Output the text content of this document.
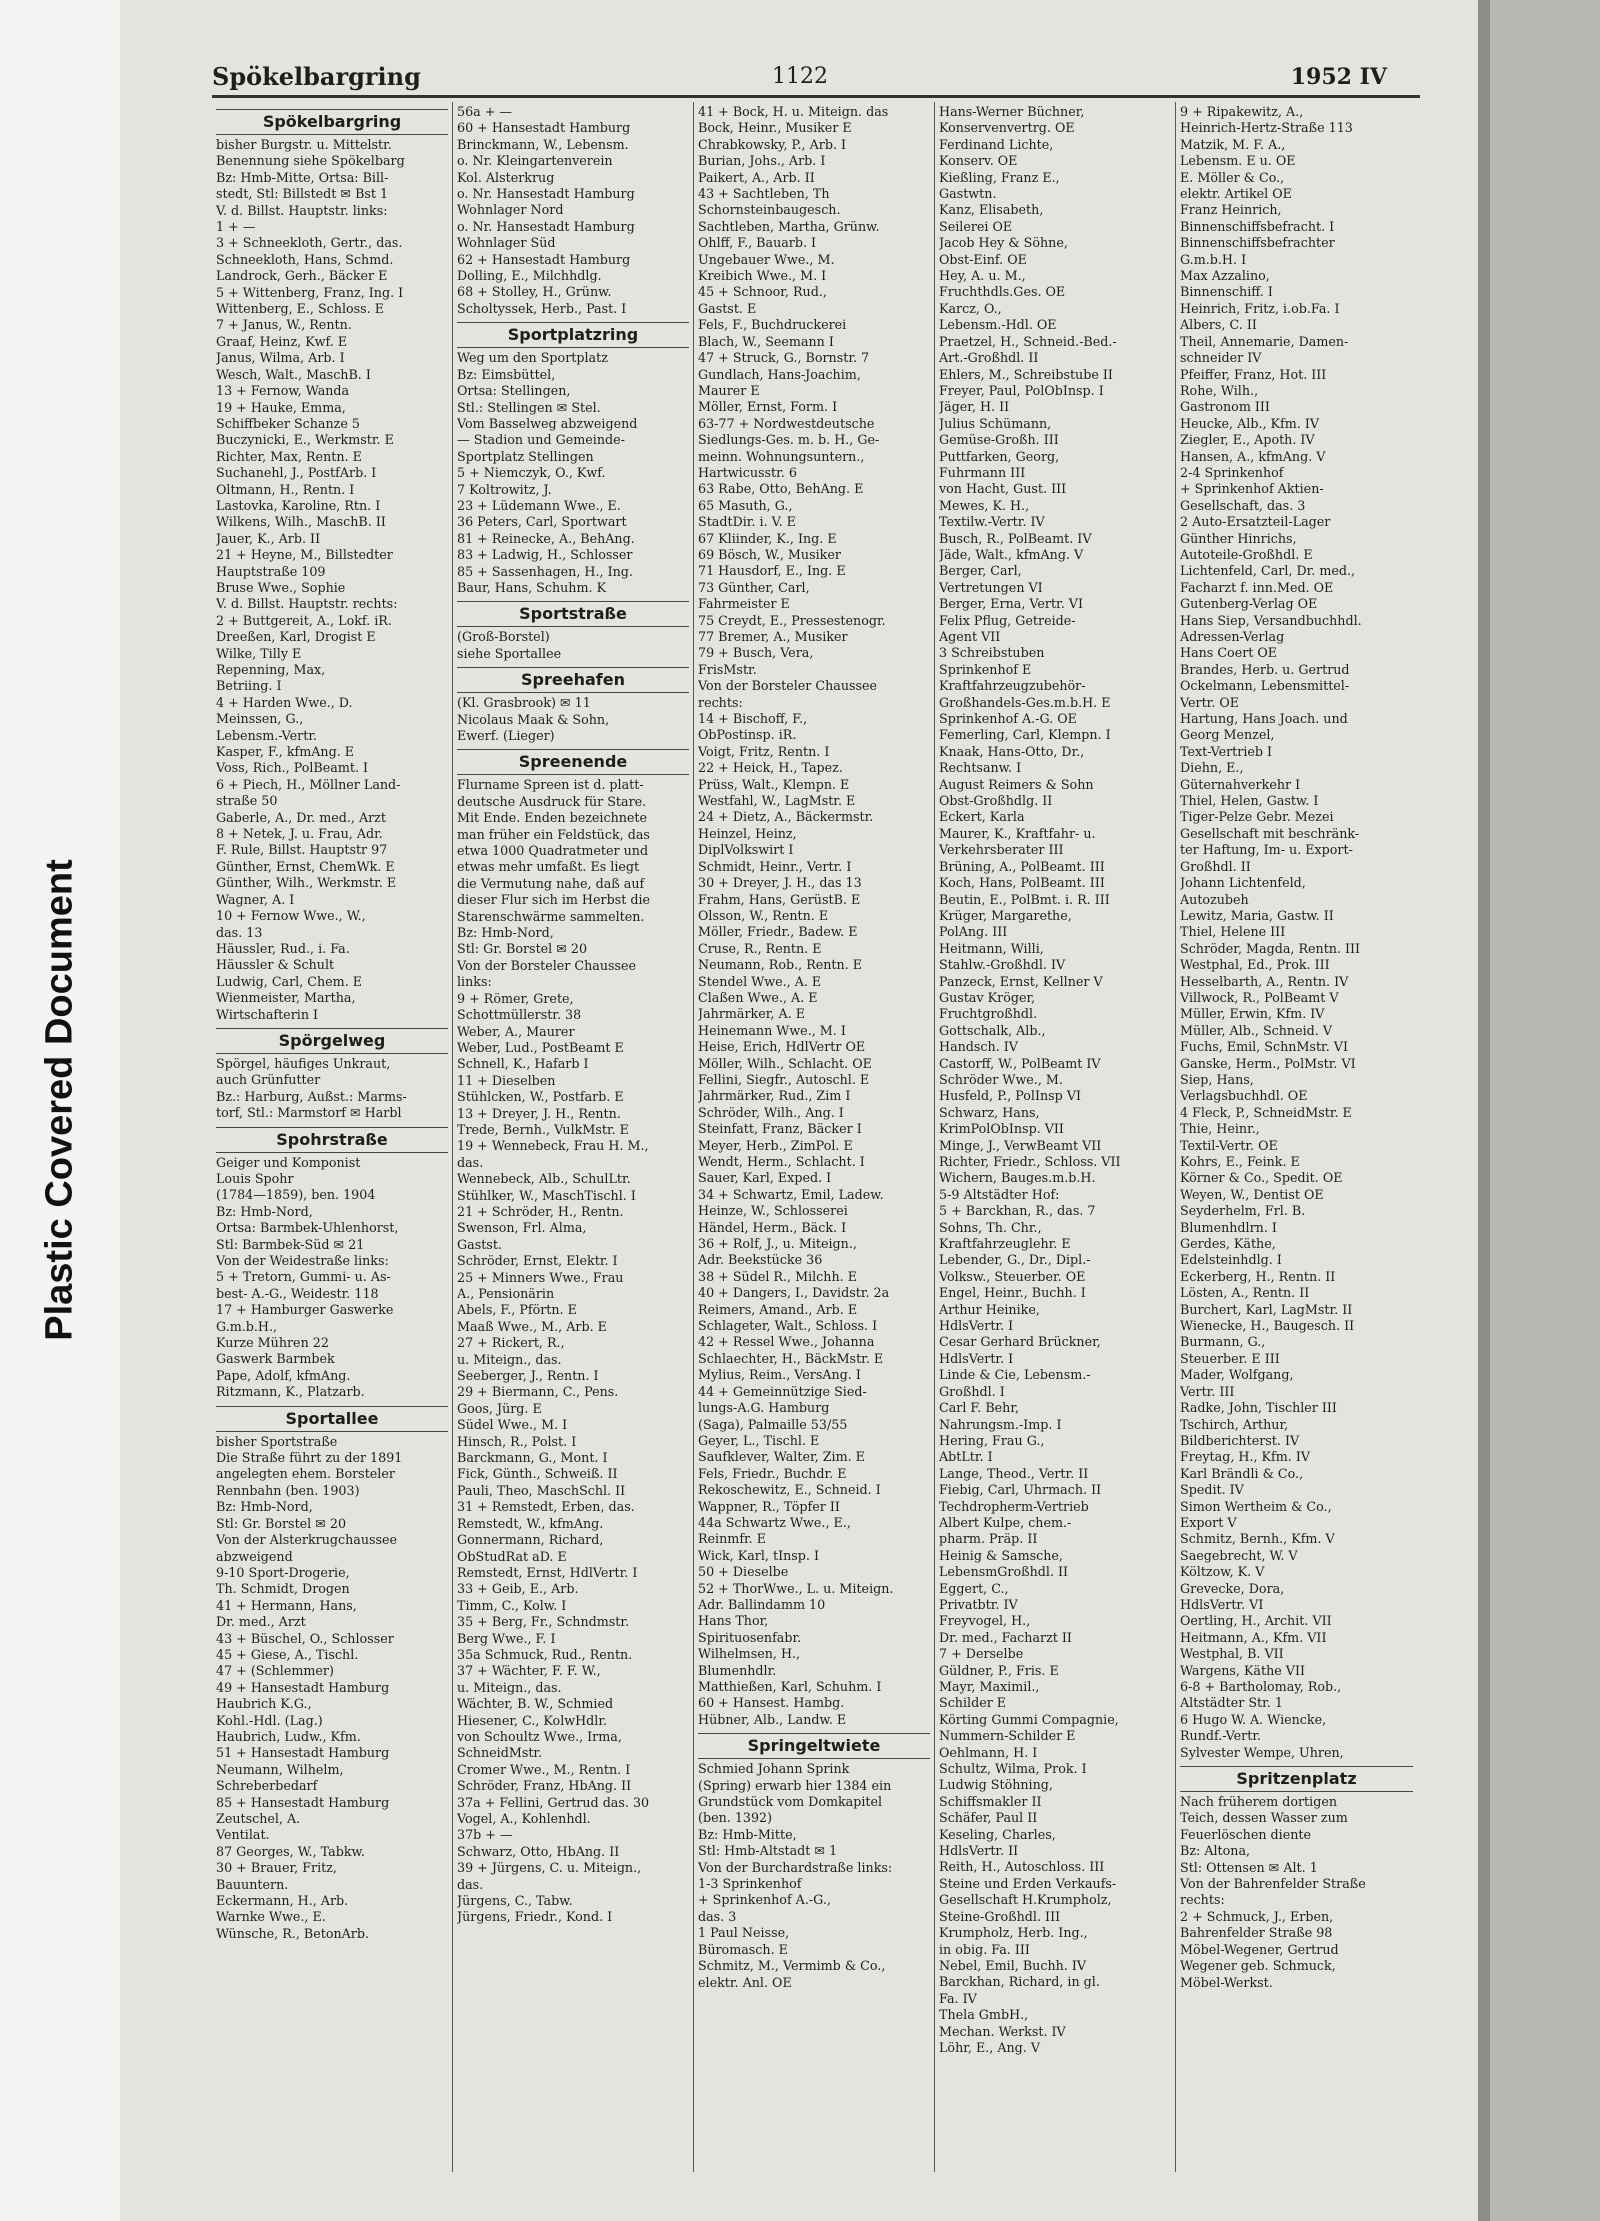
Plastic Covered Document
Spökelbargring	1122	1952 IV
Spökelbargring
bisher Burgstr. u. Mittelstr.
Benennung siehe Spökelbarg
Bz: Hmb-Mitte, Ortsa: Bill-
stedt, Stl: Billstedt ✉ Bst 1
V. d. Billst. Hauptstr. links:
1 + —
3 + Schneekloth, Gertr., das.
Schneekloth, Hans, Schmd.
Landrock, Gerh., Bäcker E
5 + Wittenberg, Franz, Ing. I
Wittenberg, E., Schloss. E
7 + Janus, W., Rentn.
Graaf, Heinz, Kwf. E
Janus, Wilma, Arb. I
Wesch, Walt., MaschB. I
13 + Fernow, Wanda
19 + Hauke, Emma,
Schiffbeker Schanze 5
Buczynicki, E., Werkmstr. E
Richter, Max, Rentn. E
Suchanehl, J., PostfArb. I
Oltmann, H., Rentn. I
Lastovka, Karoline, Rtn. I
Wilkens, Wilh., MaschB. II
Jauer, K., Arb. II
21 + Heyne, M., Billstedter
Hauptstraße 109
Bruse Wwe., Sophie
V. d. Billst. Hauptstr. rechts:
2 + Buttgereit, A., Lokf. iR.
Dreeßen, Karl, Drogist E
Wilke, Tilly E
Repenning, Max,
Betriing. I
4 + Harden Wwe., D.
Meinssen, G.,
Lebensm.-Vertr.
Kasper, F., kfmAng. E
Voss, Rich., PolBeamt. I
6 + Piech, H., Möllner Land-
straße 50
Gaberle, A., Dr. med., Arzt
8 + Netek, J. u. Frau, Adr.
F. Rule, Billst. Hauptstr 97
Günther, Ernst, ChemWk. E
Günther, Wilh., Werkmstr. E
Wagner, A. I
10 + Fernow Wwe., W.,
das. 13
Häussler, Rud., i. Fa.
Häussler & Schult
Ludwig, Carl, Chem. E
Wienmeister, Martha,
Wirtschafterin I
Spörgelweg
Spörgel, häufiges Unkraut,
auch Grünfutter
Bz.: Harburg, Außst.: Marms-
torf, Stl.: Marmstorf ✉ Harbl
Spohrstraße
Geiger und Komponist
Louis Spohr
(1784—1859), ben. 1904
Bz: Hmb-Nord,
Ortsa: Barmbek-Uhlenhorst,
Stl: Barmbek-Süd ✉ 21
Von der Weidestraße links:
5 + Tretorn, Gummi- u. As-
best- A.-G., Weidestr. 118
17 + Hamburger Gaswerke
G.m.b.H.,
Kurze Mühren 22
Gaswerk Barmbek
Pape, Adolf, kfmAng.
Ritzmann, K., Platzarb.
Sportallee
bisher Sportstraße
Die Straße führt zu der 1891
angelegten ehem. Borsteler
Rennbahn (ben. 1903)
Bz: Hmb-Nord,
Stl: Gr. Borstel ✉ 20
Von der Alsterkrugchaussee
abzweigend
9-10 Sport-Drogerie,
Th. Schmidt, Drogen
41 + Hermann, Hans,
Dr. med., Arzt
43 + Büschel, O., Schlosser
45 + Giese, A., Tischl.
47 + (Schlemmer)
49 + Hansestadt Hamburg
Haubrich K.G.,
Kohl.-Hdl. (Lag.)
Haubrich, Ludw., Kfm.
51 + Hansestadt Hamburg
Neumann, Wilhelm,
Schreberbedarf
85 + Hansestadt Hamburg
Zeutschel, A.
Ventilat.
87 Georges, W., Tabkw.
30 + Brauer, Fritz,
Bauuntern.
Eckermann, H., Arb.
Warnke Wwe., E.
Wünsche, R., BetonArb.
56a + —
60 + Hansestadt Hamburg
Brinckmann, W., Lebensm.
o. Nr. Kleingartenverein
Kol. Alsterkrug
o. Nr. Hansestadt Hamburg
Wohnlager Nord
o. Nr. Hansestadt Hamburg
Wohnlager Süd
62 + Hansestadt Hamburg
Dolling, E., Milchhdlg.
68 + Stolley, H., Grünw.
Scholtyssek, Herb., Past. I
Sportplatzring
Weg um den Sportplatz
Bz: Eimsbüttel,
Ortsa: Stellingen,
Stl.: Stellingen ✉ Stel.
Vom Basselweg abzweigend
— Stadion und Gemeinde-
Sportplatz Stellingen
5 + Niemczyk, O., Kwf.
7 Koltrowitz, J.
23 + Lüdemann Wwe., E.
36 Peters, Carl, Sportwart
81 + Reinecke, A., BehAng.
83 + Ladwig, H., Schlosser
85 + Sassenhagen, H., Ing.
Baur, Hans, Schuhm. K
Sportstraße
(Groß-Borstel)
siehe Sportallee
Spreehafen
(Kl. Grasbrook) ✉ 11
Nicolaus Maak & Sohn,
Ewerf. (Lieger)
Spreenende
Flurname Spreen ist d. platt-
deutsche Ausdruck für Stare.
Mit Ende. Enden bezeichnete
man früher ein Feldstück, das
etwa 1000 Quadratmeter und
etwas mehr umfaßt. Es liegt
die Vermutung nahe, daß auf
dieser Flur sich im Herbst die
Starenschwärme sammelten.
Bz: Hmb-Nord,
Stl: Gr. Borstel ✉ 20
Von der Borsteler Chaussee
links:
9 + Römer, Grete,
Schottmüllerstr. 38
Weber, A., Maurer
Weber, Lud., PostBeamt E
Schnell, K., Hafarb I
11 + Dieselben
Stühlcken, W., Postfarb. E
13 + Dreyer, J. H., Rentn.
Trede, Bernh., VulkMstr. E
19 + Wennebeck, Frau H. M.,
das.
Wennebeck, Alb., SchulLtr.
Stühlker, W., MaschTischl. I
21 + Schröder, H., Rentn.
Swenson, Frl. Alma,
Gastst.
Schröder, Ernst, Elektr. I
25 + Minners Wwe., Frau
A., Pensionärin
Abels, F., Pförtn. E
Maaß Wwe., M., Arb. E
27 + Rickert, R.,
u. Miteign., das.
Seeberger, J., Rentn. I
29 + Biermann, C., Pens.
Goos, Jürg. E
Südel Wwe., M. I
Hinsch, R., Polst. I
Barckmann, G., Mont. I
Fick, Günth., Schweiß. II
Pauli, Theo, MaschSchl. II
31 + Remstedt, Erben, das.
Remstedt, W., kfmAng.
Gonnermann, Richard,
ObStudRat aD. E
Remstedt, Ernst, HdlVertr. I
33 + Geib, E., Arb.
Timm, C., Kolw. I
35 + Berg, Fr., Schndmstr.
Berg Wwe., F. I
35a Schmuck, Rud., Rentn.
37 + Wächter, F. F. W.,
u. Miteign., das.
Wächter, B. W., Schmied
Hiesener, C., KolwHdlr.
von Schoultz Wwe., Irma,
SchneidMstr.
Cromer Wwe., M., Rentn. I
Schröder, Franz, HbAng. II
37a + Fellini, Gertrud das. 30
Vogel, A., Kohlenhdl.
37b + —
Schwarz, Otto, HbAng. II
39 + Jürgens, C. u. Miteign.,
das.
Jürgens, C., Tabw.
Jürgens, Friedr., Kond. I
41 + Bock, H. u. Miteign. das
Bock, Heinr., Musiker E
Chrabkowsky, P., Arb. I
Burian, Johs., Arb. I
Paikert, A., Arb. II
43 + Sachtleben, Th
Schornsteinbaugesch.
Sachtleben, Martha, Grünw.
Ohlff, F., Bauarb. I
Ungebauer Wwe., M.
Kreibich Wwe., M. I
45 + Schnoor, Rud.,
Gastst. E
Fels, F., Buchdruckerei
Blach, W., Seemann I
47 + Struck, G., Bornstr. 7
Gundlach, Hans-Joachim,
Maurer E
Möller, Ernst, Form. I
63-77 + Nordwestdeutsche
Siedlungs-Ges. m. b. H., Ge-
meinn. Wohnungsuntern.,
Hartwicusstr. 6
63 Rabe, Otto, BehAng. E
65 Masuth, G.,
StadtDir. i. V. E
67 Kliinder, K., Ing. E
69 Bösch, W., Musiker
71 Hausdorf, E., Ing. E
73 Günther, Carl,
Fahrmeister E
75 Creydt, E., Pressestenogr.
77 Bremer, A., Musiker
79 + Busch, Vera,
FrisMstr.
Von der Borsteler Chaussee
rechts:
14 + Bischoff, F.,
ObPostinsp. iR.
Voigt, Fritz, Rentn. I
22 + Heick, H., Tapez.
Prüss, Walt., Klempn. E
Westfahl, W., LagMstr. E
24 + Dietz, A., Bäckermstr.
Heinzel, Heinz,
DiplVolkswirt I
Schmidt, Heinr., Vertr. I
30 + Dreyer, J. H., das 13
Frahm, Hans, GerüstB. E
Olsson, W., Rentn. E
Möller, Friedr., Badew. E
Cruse, R., Rentn. E
Neumann, Rob., Rentn. E
Stendel Wwe., A. E
Claßen Wwe., A. E
Jahrmärker, A. E
Heinemann Wwe., M. I
Heise, Erich, HdlVertr OE
Möller, Wilh., Schlacht. OE
Fellini, Siegfr., Autoschl. E
Jahrmärker, Rud., Zim I
Schröder, Wilh., Ang. I
Steinfatt, Franz, Bäcker I
Meyer, Herb., ZimPol. E
Wendt, Herm., Schlacht. I
Sauer, Karl, Exped. I
34 + Schwartz, Emil, Ladew.
Heinze, W., Schlosserei
Händel, Herm., Bäck. I
36 + Rolf, J., u. Miteign.,
Adr. Beekstücke 36
38 + Südel R., Milchh. E
40 + Dangers, I., Davidstr. 2a
Reimers, Amand., Arb. E
Schlageter, Walt., Schloss. I
42 + Ressel Wwe., Johanna
Schlaechter, H., BäckMstr. E
Mylius, Reim., VersAng. I
44 + Gemeinnützige Sied-
lungs-A.G. Hamburg
(Saga), Palmaille 53/55
Geyer, L., Tischl. E
Saufklever, Walter, Zim. E
Fels, Friedr., Buchdr. E
Rekoschewitz, E., Schneid. I
Wappner, R., Töpfer II
44a Schwartz Wwe., E.,
Reinmfr. E
Wick, Karl, tInsp. I
50 + Dieselbe
52 + ThorWwe., L. u. Miteign.
Adr. Ballindamm 10
Hans Thor,
Spirituosenfabr.
Wilhelmsen, H.,
Blumenhdlr.
Matthießen, Karl, Schuhm. I
60 + Hansest. Hambg.
Hübner, Alb., Landw. E
Springeltwiete
Schmied Johann Sprink
(Spring) erwarb hier 1384 ein
Grundstück vom Domkapitel
(ben. 1392)
Bz: Hmb-Mitte,
Stl: Hmb-Altstadt ✉ 1
Von der Burchardstraße links:
1-3 Sprinkenhof
+ Sprinkenhof A.-G.,
das. 3
1 Paul Neisse,
Büromasch. E
Schmitz, M., Vermimb & Co.,
elektr. Anl. OE
Hans-Werner Büchner,
Konservenvertrg. OE
Ferdinand Lichte,
Konserv. OE
Kießling, Franz E.,
Gastwtn.
Kanz, Elisabeth,
Seilerei OE
Jacob Hey & Söhne,
Obst-Einf. OE
Hey, A. u. M.,
Fruchthdls.Ges. OE
Karcz, O.,
Lebensm.-Hdl. OE
Praetzel, H., Schneid.-Bed.-
Art.-Großhdl. II
Ehlers, M., Schreibstube II
Freyer, Paul, PolObInsp. I
Jäger, H. II
Julius Schümann,
Gemüse-Großh. III
Puttfarken, Georg,
Fuhrmann III
von Hacht, Gust. III
Mewes, K. H.,
Textilw.-Vertr. IV
Busch, R., PolBeamt. IV
Jäde, Walt., kfmAng. V
Berger, Carl,
Vertretungen VI
Berger, Erna, Vertr. VI
Felix Pflug, Getreide-
Agent VII
3 Schreibstuben
Sprinkenhof E
Kraftfahrzeugzubehör-
Großhandels-Ges.m.b.H. E
Sprinkenhof A.-G. OE
Femerling, Carl, Klempn. I
Knaak, Hans-Otto, Dr.,
Rechtsanw. I
August Reimers & Sohn
Obst-Großhdlg. II
Eckert, Karla
Maurer, K., Kraftfahr- u.
Verkehrsberater III
Brüning, A., PolBeamt. III
Koch, Hans, PolBeamt. III
Beutin, E., PolBmt. i. R. III
Krüger, Margarethe,
PolAng. III
Heitmann, Willi,
Stahlw.-Großhdl. IV
Panzeck, Ernst, Kellner V
Gustav Kröger,
Fruchtgroßhdl.
Gottschalk, Alb.,
Handsch. IV
Castorff, W., PolBeamt IV
Schröder Wwe., M.
Husfeld, P., PolInsp VI
Schwarz, Hans,
KrimPolObInsp. VII
Minge, J., VerwBeamt VII
Richter, Friedr., Schloss. VII
Wichern, Bauges.m.b.H.
5-9 Altstädter Hof:
5 + Barckhan, R., das. 7
Sohns, Th. Chr.,
Kraftfahrzeuglehr. E
Lebender, G., Dr., Dipl.-
Volksw., Steuerber. OE
Engel, Heinr., Buchh. I
Arthur Heinike,
HdlsVertr. I
Cesar Gerhard Brückner,
HdlsVertr. I
Linde & Cie, Lebensm.-
Großhdl. I
Carl F. Behr,
Nahrungsm.-Imp. I
Hering, Frau G.,
AbtLtr. I
Lange, Theod., Vertr. II
Fiebig, Carl, Uhrmach. II
Techdropherm-Vertrieb
Albert Kulpe, chem.-
pharm. Präp. II
Heinig & Samsche,
LebensmGroßhdl. II
Eggert, C.,
Privatbtr. IV
Freyvogel, H.,
Dr. med., Facharzt II
7 + Derselbe
Güldner, P., Fris. E
Mayr, Maximil.,
Schilder E
Körting Gummi Compagnie,
Nummern-Schilder E
Oehlmann, H. I
Schultz, Wilma, Prok. I
Ludwig Stöhning,
Schiffsmakler II
Schäfer, Paul II
Keseling, Charles,
HdlsVertr. II
Reith, H., Autoschloss. III
Steine und Erden Verkaufs-
Gesellschaft H.Krumpholz,
Steine-Großhdl. III
Krumpholz, Herb. Ing.,
in obig. Fa. III
Nebel, Emil, Buchh. IV
Barckhan, Richard, in gl.
Fa. IV
Thela GmbH.,
Mechan. Werkst. IV
Löhr, E., Ang. V
9 + Ripakewitz, A.,
Heinrich-Hertz-Straße 113
Matzik, M. F. A.,
Lebensm. E u. OE
E. Möller & Co.,
elektr. Artikel OE
Franz Heinrich,
Binnenschiffsbefracht. I
Binnenschiffsbefrachter
G.m.b.H. I
Max Azzalino,
Binnenschiff. I
Heinrich, Fritz, i.ob.Fa. I
Albers, C. II
Theil, Annemarie, Damen-
schneider IV
Pfeiffer, Franz, Hot. III
Rohe, Wilh.,
Gastronom III
Heucke, Alb., Kfm. IV
Ziegler, E., Apoth. IV
Hansen, A., kfmAng. V
2-4 Sprinkenhof
+ Sprinkenhof Aktien-
Gesellschaft, das. 3
2 Auto-Ersatzteil-Lager
Günther Hinrichs,
Autoteile-Großhdl. E
Lichtenfeld, Carl, Dr. med.,
Facharzt f. inn.Med. OE
Gutenberg-Verlag OE
Hans Siep, Versandbuchhdl.
Adressen-Verlag
Hans Coert OE
Brandes, Herb. u. Gertrud
Ockelmann, Lebensmittel-
Vertr. OE
Hartung, Hans Joach. und
Georg Menzel,
Text-Vertrieb I
Diehn, E.,
Güternahverkehr I
Thiel, Helen, Gastw. I
Tiger-Pelze Gebr. Mezei
Gesellschaft mit beschränk-
ter Haftung, Im- u. Export-
Großhdl. II
Johann Lichtenfeld,
Autozubeh
Lewitz, Maria, Gastw. II
Thiel, Helene III
Schröder, Magda, Rentn. III
Westphal, Ed., Prok. III
Hesselbarth, A., Rentn. IV
Villwock, R., PolBeamt V
Müller, Erwin, Kfm. IV
Müller, Alb., Schneid. V
Fuchs, Emil, SchnMstr. VI
Ganske, Herm., PolMstr. VI
Siep, Hans,
Verlagsbuchhdl. OE
4 Fleck, P., SchneidMstr. E
Thie, Heinr.,
Textil-Vertr. OE
Kohrs, E., Feink. E
Körner & Co., Spedit. OE
Weyen, W., Dentist OE
Seyderhelm, Frl. B.
Blumenhdlrn. I
Gerdes, Käthe,
Edelsteinhdlg. I
Eckerberg, H., Rentn. II
Lösten, A., Rentn. II
Burchert, Karl, LagMstr. II
Wienecke, H., Baugesch. II
Burmann, G.,
Steuerber. E III
Mader, Wolfgang,
Vertr. III
Radke, John, Tischler III
Tschirch, Arthur,
Bildberichterst. IV
Freytag, H., Kfm. IV
Karl Brändli & Co.,
Spedit. IV
Simon Wertheim & Co.,
Export V
Schmitz, Bernh., Kfm. V
Saegebrecht, W. V
Költzow, K. V
Grevecke, Dora,
HdlsVertr. VI
Oertling, H., Archit. VII
Heitmann, A., Kfm. VII
Westphal, B. VII
Wargens, Käthe VII
6-8 + Bartholomay, Rob.,
Altstädter Str. 1
6 Hugo W. A. Wiencke,
Rundf.-Vertr.
Sylvester Wempe, Uhren,
Spritzenplatz
Nach früherem dortigen
Teich, dessen Wasser zum
Feuerlöschen diente
Bz: Altona,
Stl: Ottensen ✉ Alt. 1
Von der Bahrenfelder Straße
rechts:
2 + Schmuck, J., Erben,
Bahrenfelder Straße 98
Möbel-Wegener, Gertrud
Wegener geb. Schmuck,
Möbel-Werkst.
